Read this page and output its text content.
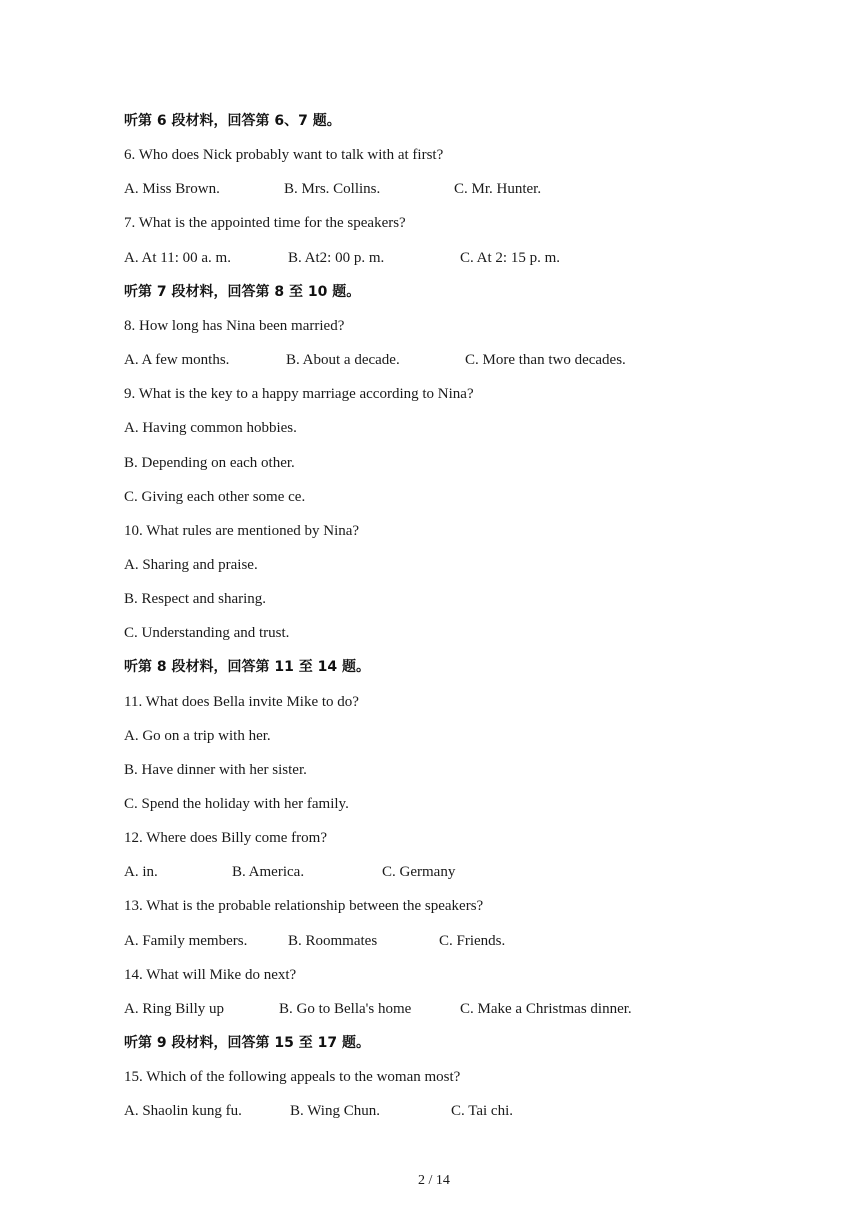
听第 6 段材料，回答第 6、7 题。
6. Who does Nick probably want to talk with at first?
A. Miss Brown.	B. Mrs. Collins.	C. Mr. Hunter.
7. What is the appointed time for the speakers?
A. At 11: 00 a. m.	B. At2: 00 p. m.	C. At 2: 15 p. m.
听第 7 段材料，回答第 8 至 10 题。
8. How long has Nina been married?
A. A few months.	B. About a decade.	C. More than two decades.
9. What is the key to a happy marriage according to Nina?
A. Having common hobbies.
B. Depending on each other.
C. Giving each other some ce.
10. What rules are mentioned by Nina?
A. Sharing and praise.
B. Respect and sharing.
C. Understanding and trust.
听第 8 段材料，回答第 11 至 14 题。
11. What does Bella invite Mike to do?
A. Go on a trip with her.
B. Have dinner with her sister.
C. Spend the holiday with her family.
12. Where does Billy come from?
A. in.	B. America.	C. Germany
13. What is the probable relationship between the speakers?
A. Family members.	B. Roommates	C. Friends.
14. What will Mike do next?
A. Ring Billy up	B. Go to Bella's home	C. Make a Christmas dinner.
听第 9 段材料，回答第 15 至 17 题。
15. Which of the following appeals to the woman most?
A. Shaolin kung fu.	B. Wing Chun.	C. Tai chi.
2 / 14
